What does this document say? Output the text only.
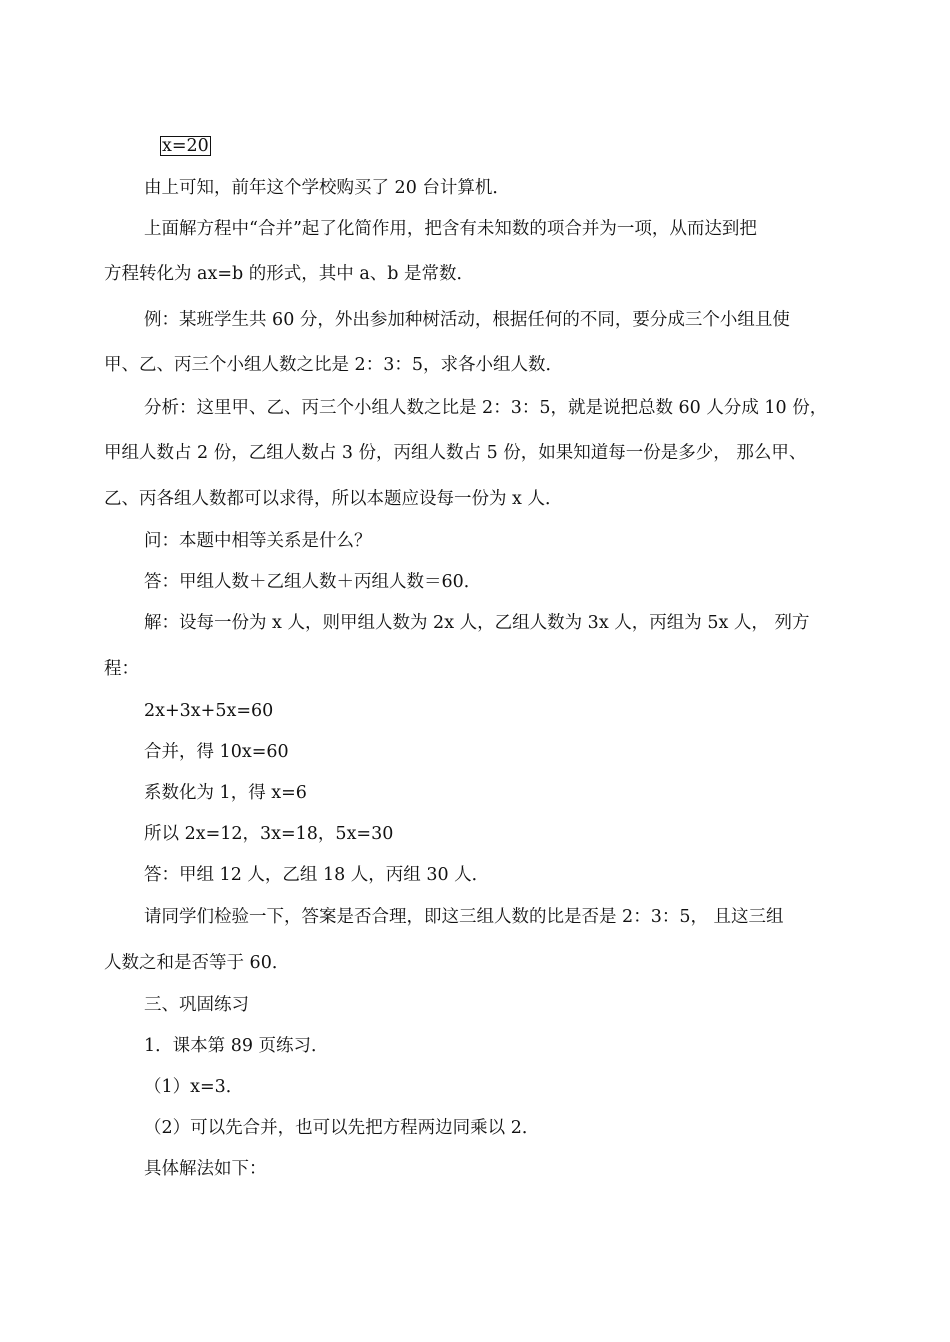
x=20
由上可知，前年这个学校购买了 20 台计算机．
上面解方程中“合并”起了化简作用，把含有未知数的项合并为一项，从而达到把
方程转化为 ax=b 的形式，其中 a、b 是常数．
例：某班学生共 60 分，外出参加种树活动，根据任何的不同，要分成三个小组且使
甲、乙、丙三个小组人数之比是 2：3：5，求各小组人数．
分析：这里甲、乙、丙三个小组人数之比是 2：3：5，就是说把总数 60 人分成 10 份，
甲组人数占 2 份，乙组人数占 3 份，丙组人数占 5 份，如果知道每一份是多少， 那么甲、
乙、丙各组人数都可以求得，所以本题应设每一份为 x 人．
问：本题中相等关系是什么？
答：甲组人数＋乙组人数＋丙组人数＝60．
解：设每一份为 x 人，则甲组人数为 2x 人，乙组人数为 3x 人，丙组为 5x 人， 列方
程：
2x+3x+5x=60
合并，得 10x=60
系数化为 1，得 x=6
所以 2x=12，3x=18，5x=30
答：甲组 12 人，乙组 18 人，丙组 30 人．
请同学们检验一下，答案是否合理，即这三组人数的比是否是 2：3：5， 且这三组
人数之和是否等于 60．
三、巩固练习
1．课本第 89 页练习．
（1）x=3．
（2）可以先合并，也可以先把方程两边同乘以 2．
具体解法如下：
